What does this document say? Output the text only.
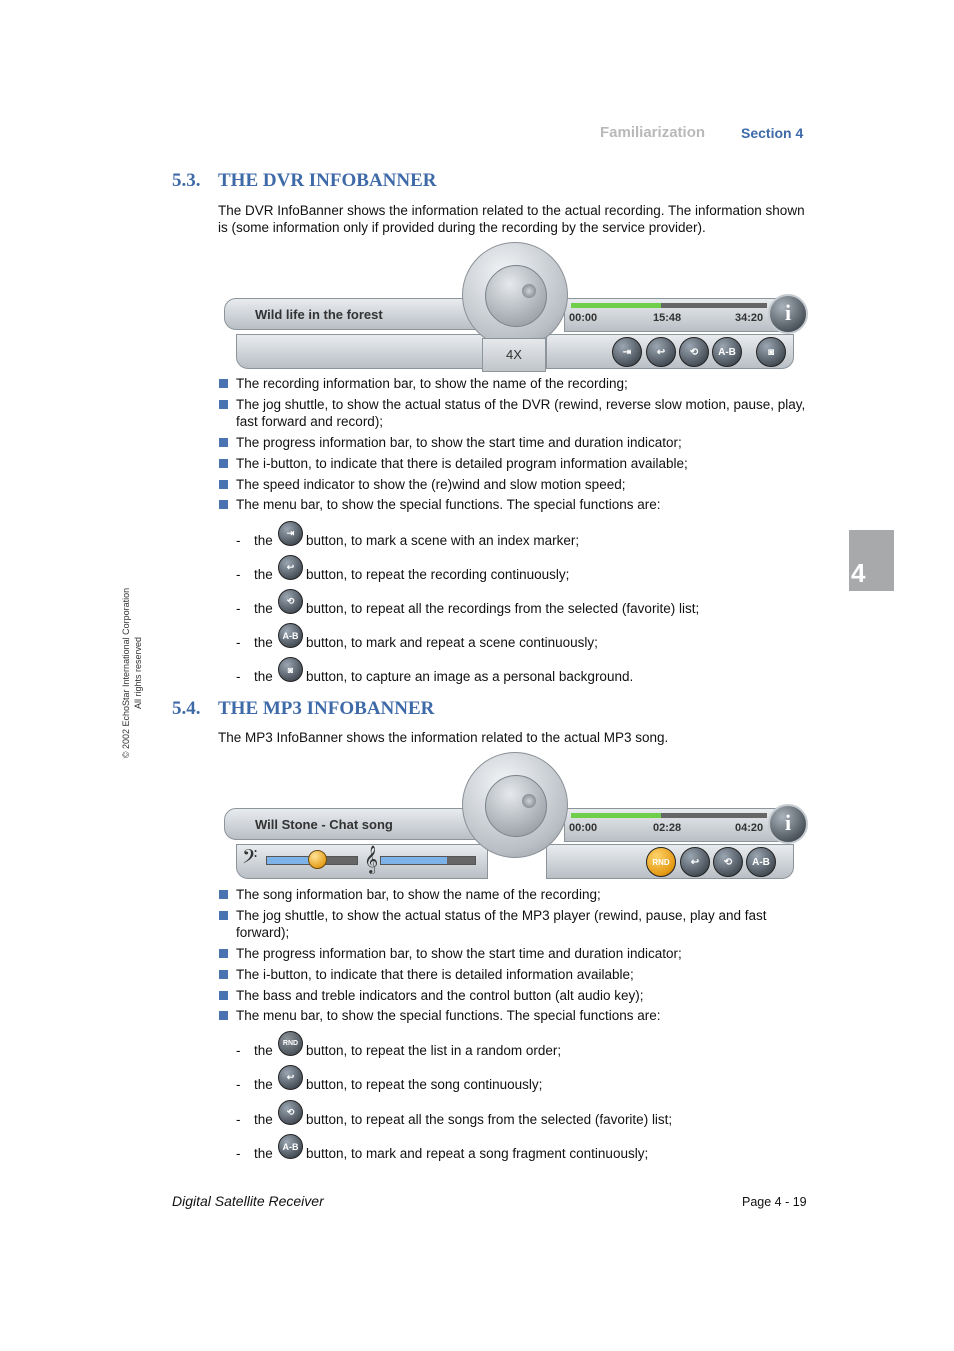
Familiarization	Section 4
4
© 2002 EchoStar International Corporation All rights reserved
5.3. THE DVR INFOBANNER
The DVR InfoBanner shows the information related to the actual recording. The information shown is (some information only if provided during the recording by the service provider).
Wild life in the forest	00:00	15:48	34:20
⇥	↩ ⟲ A-B	◙
4X
i
The recording information bar, to show the name of the recording;
The jog shuttle, to show the actual status of the DVR (rewind, reverse slow motion, pause, play, fast forward and record);
The progress information bar, to show the start time and duration indicator;
The i-button, to indicate that there is detailed program information available;
The speed indicator to show the (re)wind and slow motion speed;
The menu bar, to show the special functions. The special functions are:
- the	⇥ button, to mark a scene with an index marker;
- the	↩ button, to repeat the recording continuously;
- the	⟲ button, to repeat all the recordings from the selected (favorite) list;
- the	A-B button, to mark and repeat a scene continuously;
- the	◙ button, to capture an image as a personal background.
5.4. THE MP3 INFOBANNER
The MP3 InfoBanner shows the information related to the actual MP3 song.
Will Stone - Chat song
𝄢	𝄞
00:00	02:28	04:20
RND ↩ ⟲ A-B
i
The song information bar, to show the name of the recording;
The jog shuttle, to show the actual status of the MP3 player (rewind, pause, play and fast forward);
The progress information bar, to show the start time and duration indicator;
The i-button, to indicate that there is detailed information available;
The bass and treble indicators and the control button (alt audio key);
The menu bar, to show the special functions. The special functions are:
- the	RND button, to repeat the list in a random order;
- the	↩ button, to repeat the song continuously;
- the	⟲ button, to repeat all the songs from the selected (favorite) list;
- the	A-B button, to mark and repeat a song fragment continuously;
Digital Satellite Receiver	Page 4 - 19
